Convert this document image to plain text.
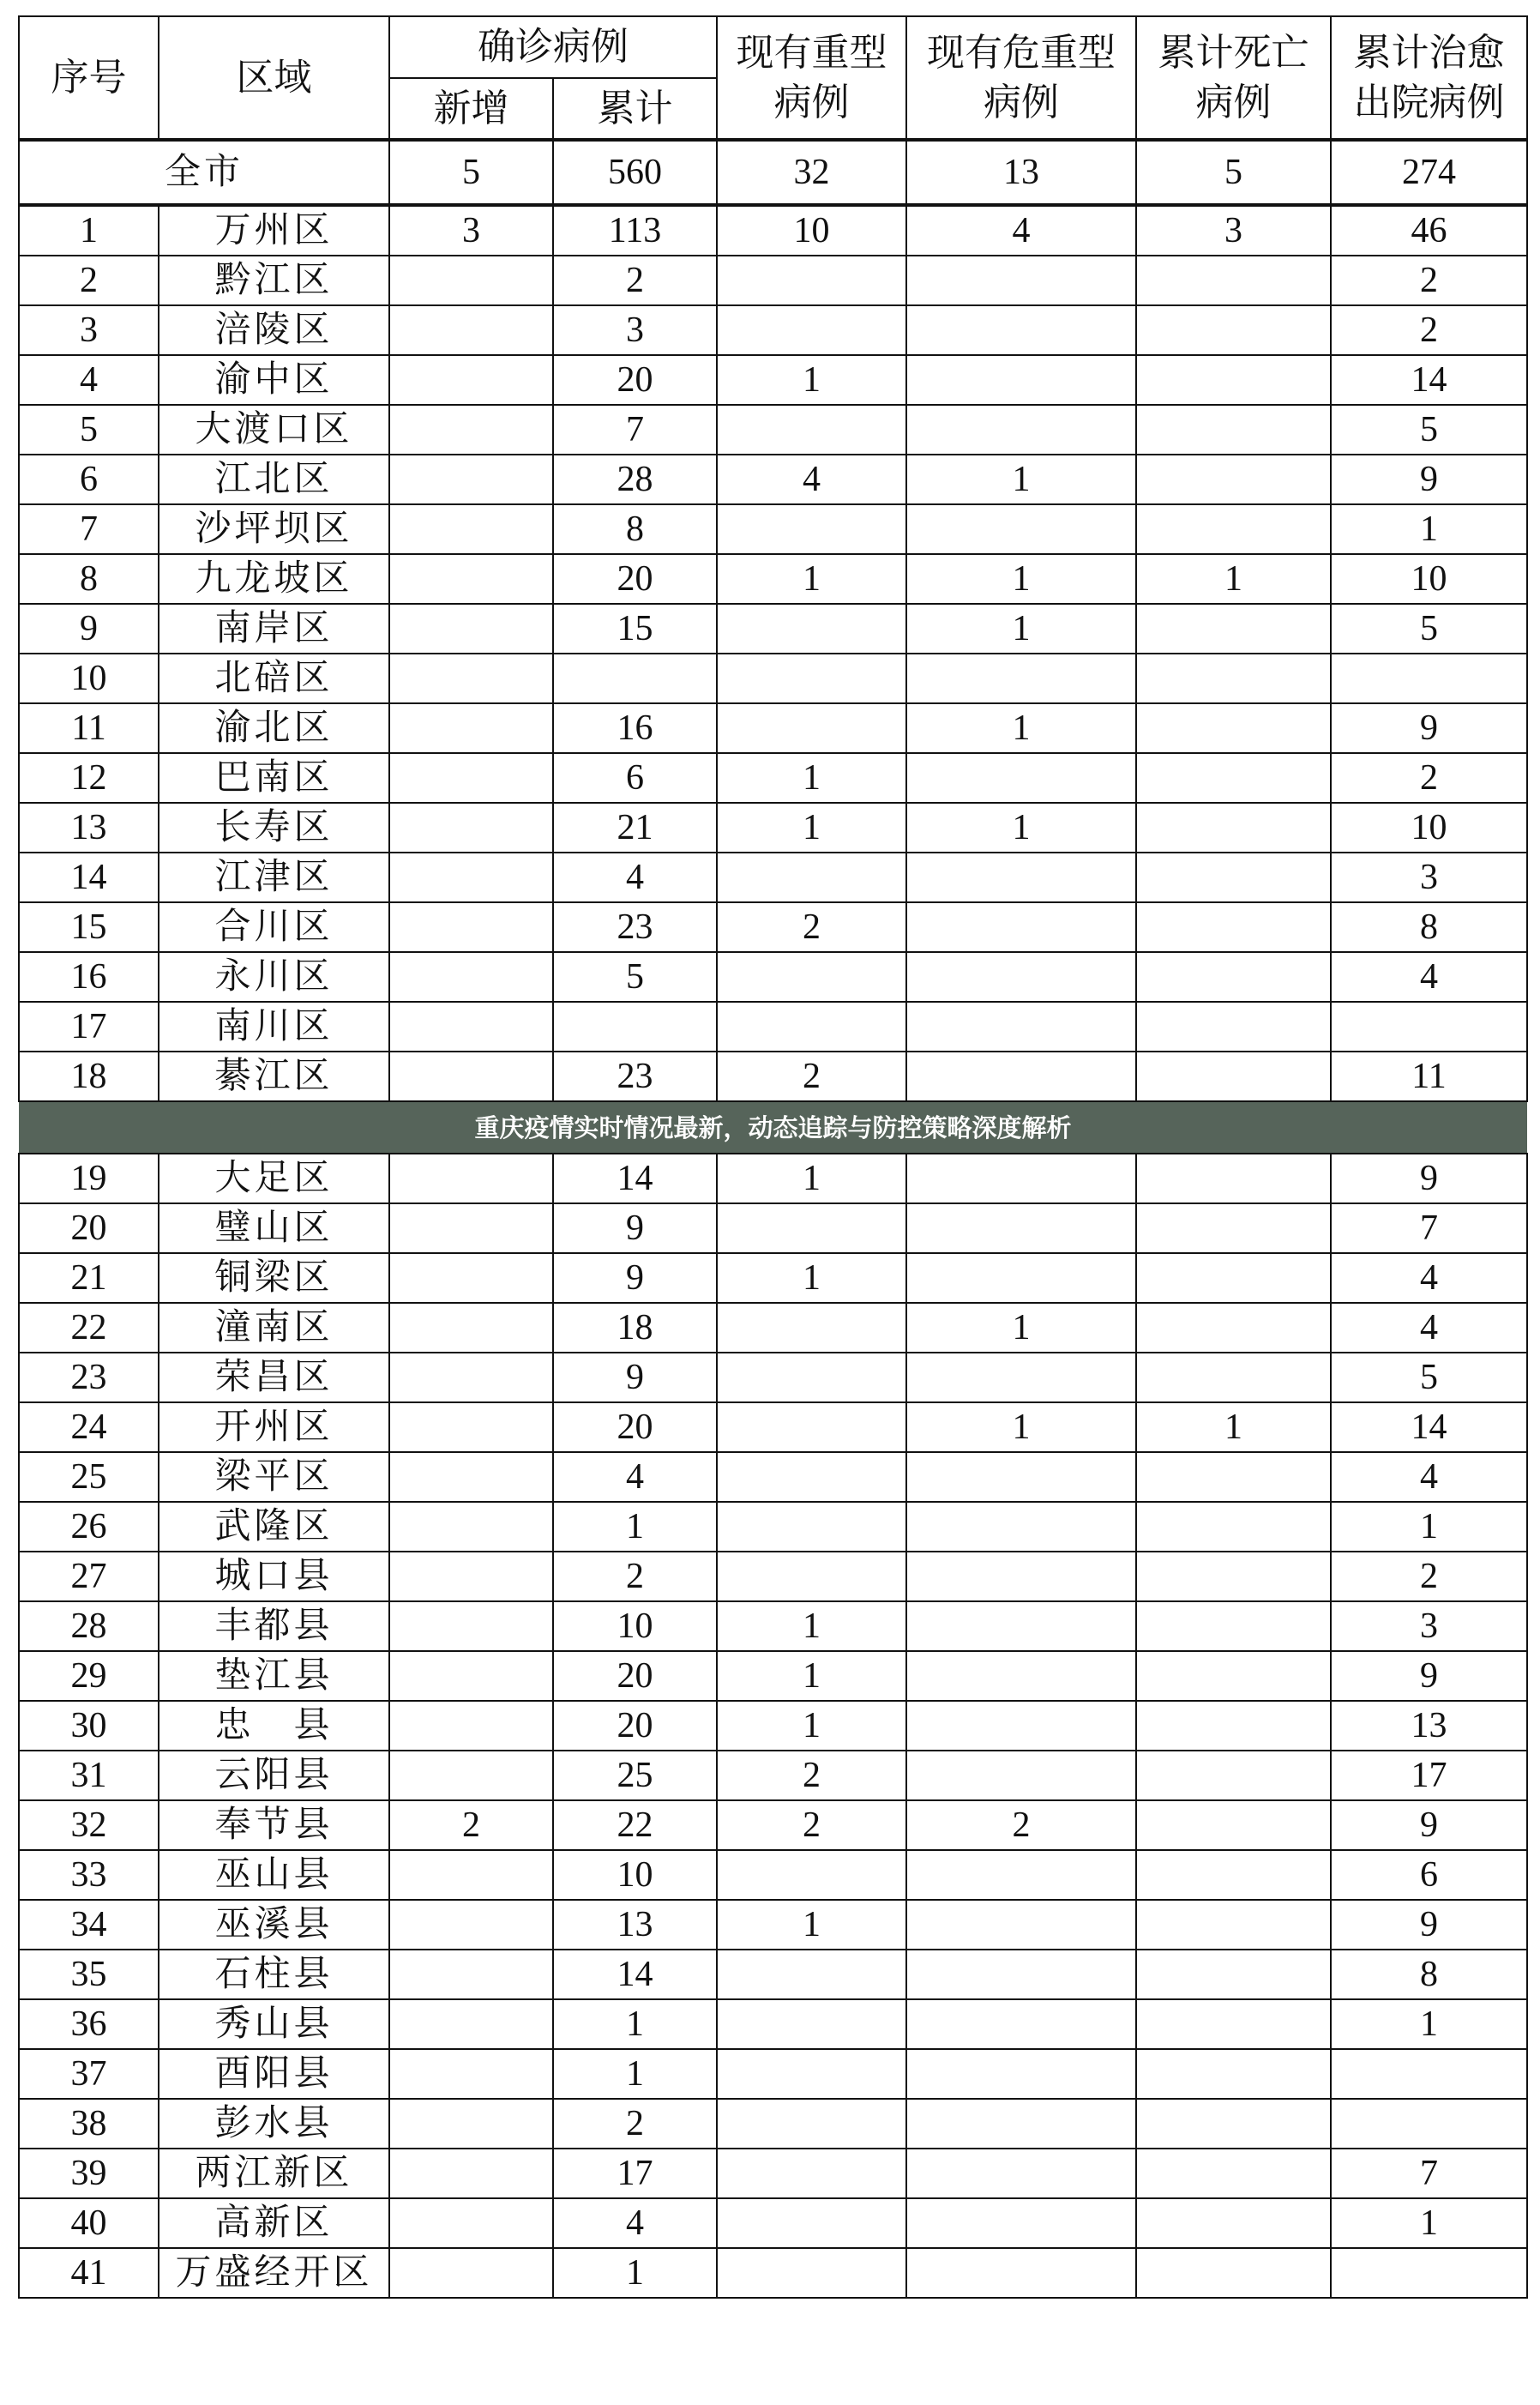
序号	区域	确诊病例		现有重型病例	现有危重型病例	累计死亡病例	累计治愈出院病例
		新增	累计				
全市		5	560	32	13	5	274
1	万州区	3	113	10	4	3	46
2	黔江区		2				2
3	涪陵区		3				2
4	渝中区		20	1			14
5	大渡口区		7				5
6	江北区		28	4	1		9
7	沙坪坝区		8				1
8	九龙坡区		20	1	1	1	10
9	南岸区		15		1		5
10	北碚区						
11	渝北区		16		1		9
12	巴南区		6	1			2
13	长寿区		21	1	1		10
14	江津区		4				3
15	合川区		23	2			8
16	永川区		5				4
17	南川区						
18	綦江区		23	2			11
重庆疫情实时情况最新，动态追踪与防控策略深度解析							
19	大足区		14	1			9
20	璧山区		9				7
21	铜梁区		9	1			4
22	潼南区		18		1		4
23	荣昌区		9				5
24	开州区		20		1	1	14
25	梁平区		4				4
26	武隆区		1				1
27	城口县		2				2
28	丰都县		10	1			3
29	垫江县		20	1			9
30	忠　县		20	1			13
31	云阳县		25	2			17
32	奉节县	2	22	2	2		9
33	巫山县		10				6
34	巫溪县		13	1			9
35	石柱县		14				8
36	秀山县		1				1
37	酉阳县		1				
38	彭水县		2				
39	两江新区		17				7
40	高新区		4				1
41	万盛经开区		1				
